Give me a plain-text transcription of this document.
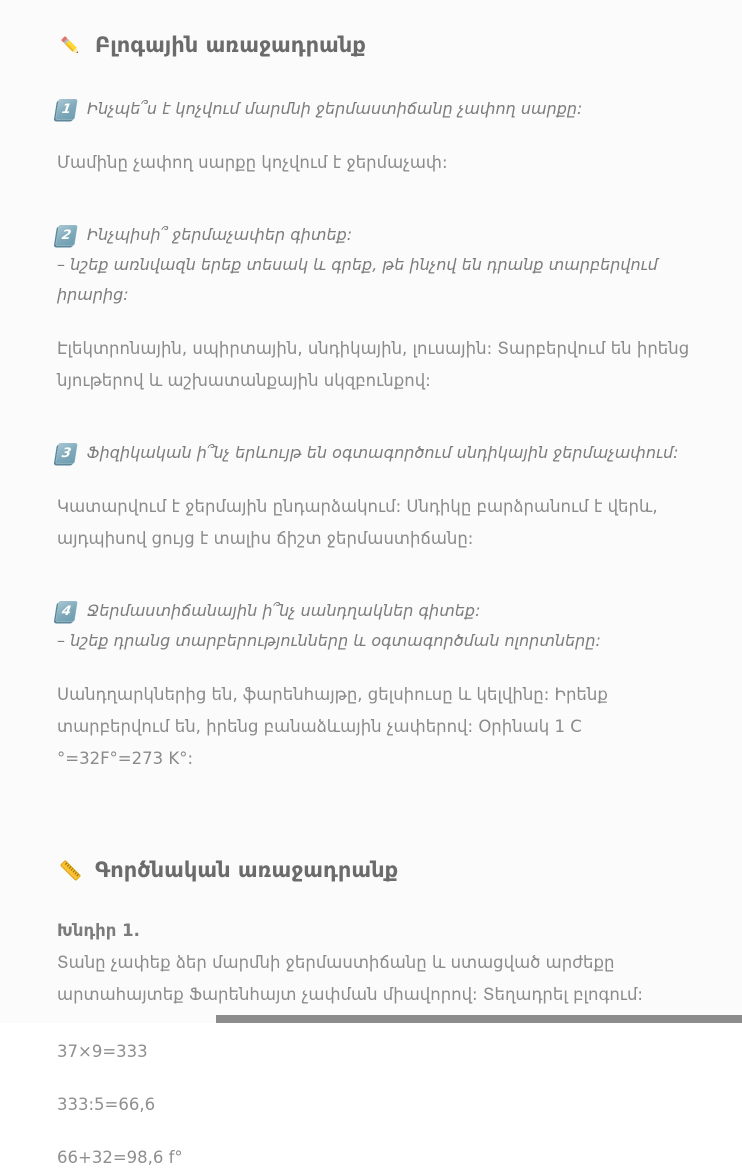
Բլոգային առաջադրանք
1 Ինչպե՞ս է կոչվում մարմնի ջերմաստիճանը չափող սարքը:

Մամինը չափող սարքը կոչվում է ջերմաչափ:

2 Ինչպիսի՞ ջերմաչափեր գիտեք:

– նշեք առնվազն երեք տեսակ և գրեք, թե ինչով են դրանք տարբերվում իրարից:

Էլեկտրոնային, սպիրտային, սնդիկային, լուսային: Տարբերվում են իրենց նյութերով և աշխատանքային սկզբունքով:

3 Ֆիզիկական ի՞նչ երևույթ են օգտագործում սնդիկային ջերմաչափում:

Կատարվում է ջերմային ընդարձակում: Սնդիկը բարձրանում է վերև, այդպիսով ցույց է տալիս ճիշտ ջերմաստիճանը:

4 Ջերմաստիճանային ի՞նչ սանդղակներ գիտեք:

– նշեք դրանց տարբերությունները և օգտագործման ոլորտները:

Սանդղարկներից են, ֆարենհայթը, ցելսիուսը և կելվինը: Իրենք տարբերվում են, իրենց բանաձևային չափերով: Օրինակ 1 C °=32F°=273 K°:

Գործնական առաջադրանք

Խնդիր 1.

Տանը չափեք ձեր մարմնի ջերմաստիճանը և ստացված արժեքը արտահայտեք Ֆարենհայտ չափման միավորով: Տեղադրել բլոգում:

37×9=333

333:5=66,6

66+32=98,6 f°
